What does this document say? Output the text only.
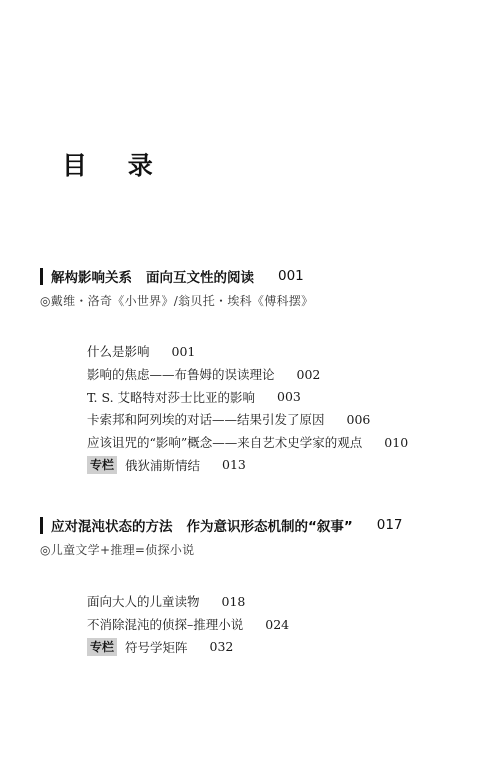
目 录
解构影响关系 面向互文性的阅读 001
◎戴维・洛奇《小世界》/翁贝托・埃科《傅科摆》
什么是影响 001
影响的焦虑——布鲁姆的误读理论 002
T. S. 艾略特对莎士比亚的影响 003
卡索邦和阿列埃的对话——结果引发了原因 006
应该诅咒的“影响”概念——来自艺术史学家的观点 010
专栏 俄狄浦斯情结 013
应对混沌状态的方法 作为意识形态机制的“叙事” 017
◎儿童文学+推理=侦探小说
面向大人的儿童读物 018
不消除混沌的侦探–推理小说 024
专栏 符号学矩阵 032
